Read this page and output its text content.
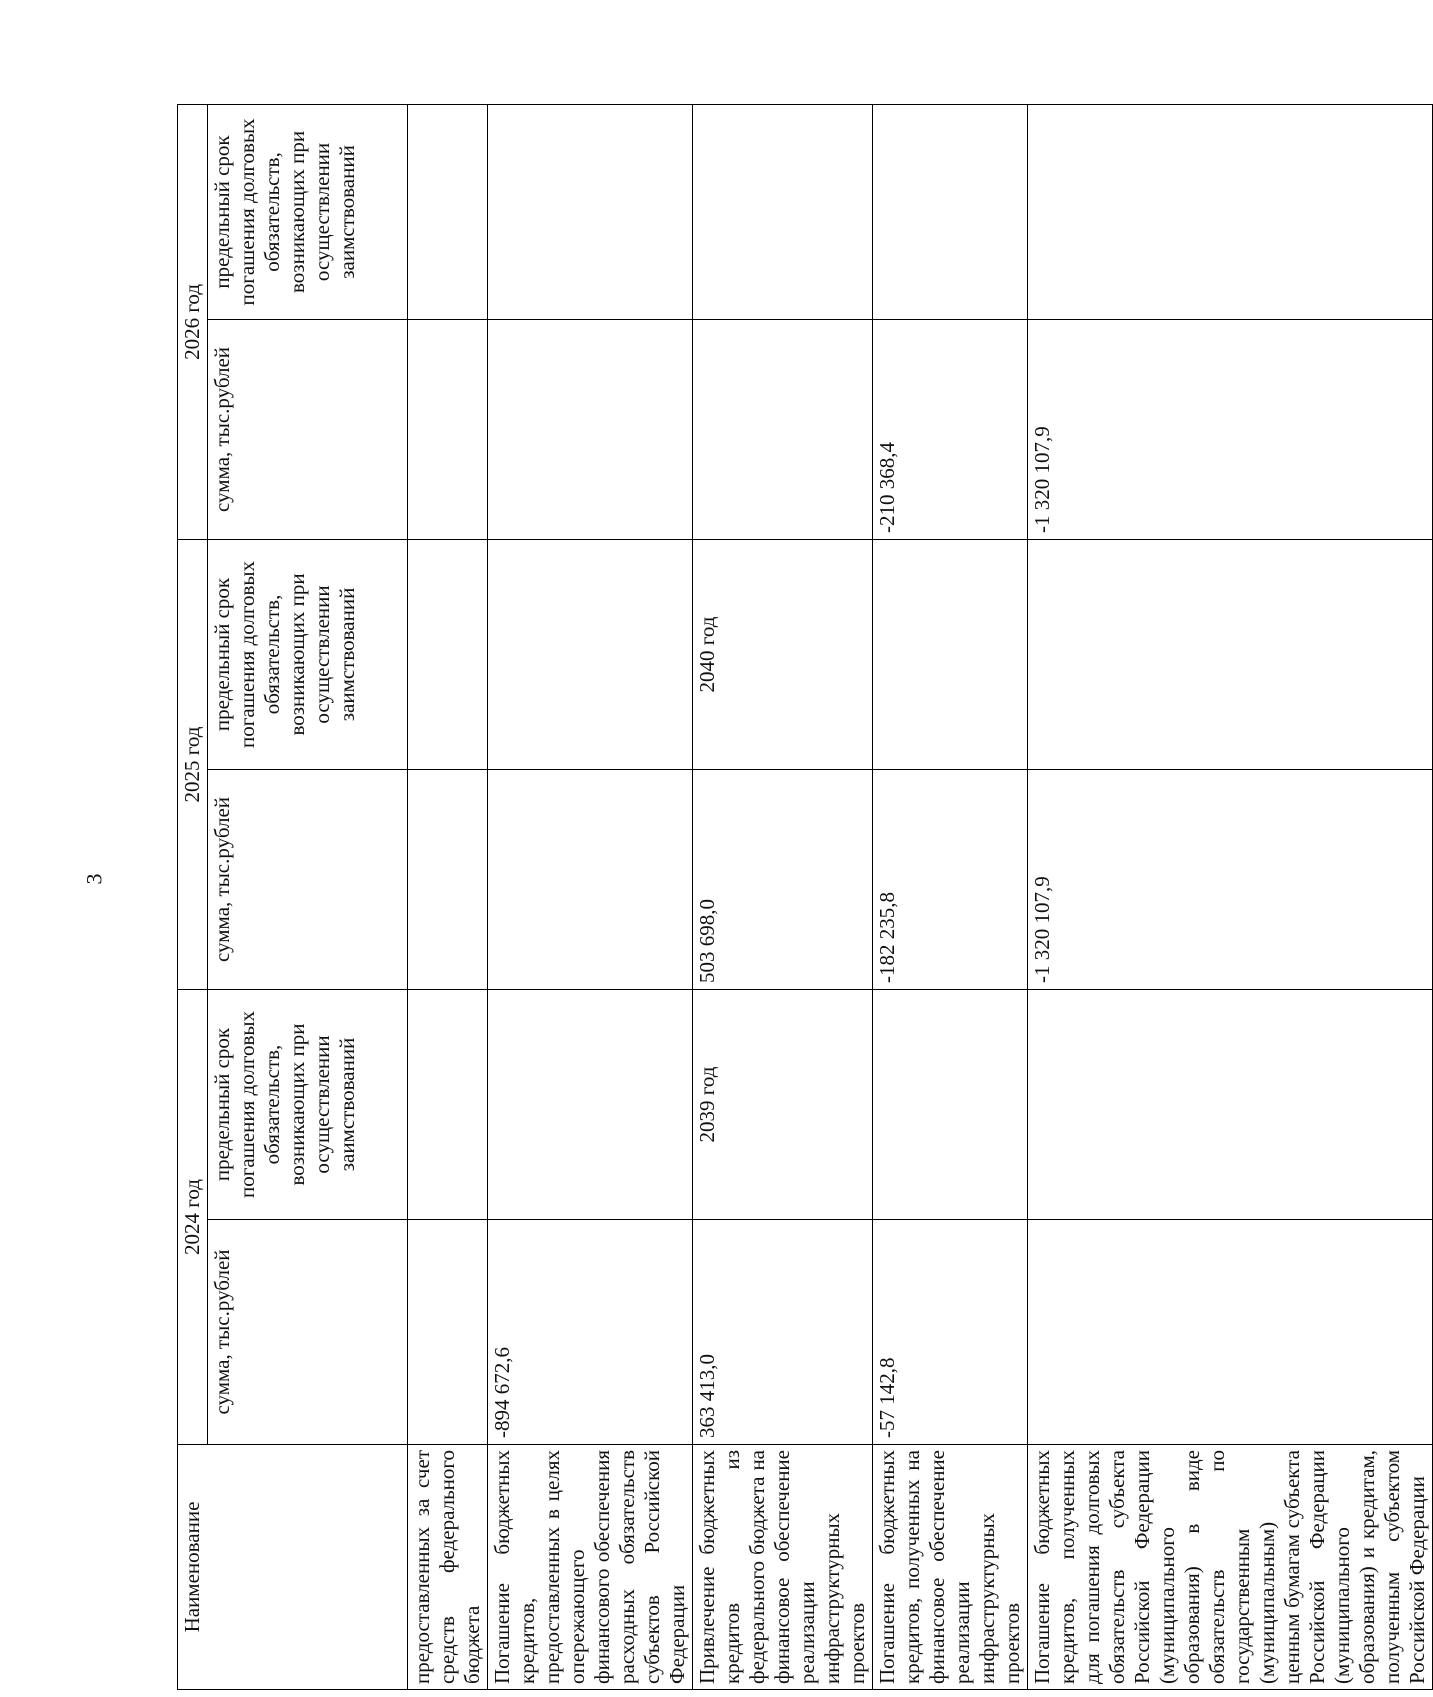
3
Наименование	2024 год		2025 год		2026 год	
	сумма, тыс.рублей	предельный срок погашения долговых обязательств, возникающих при осуществлении заимствований	сумма, тыс.рублей	предельный срок погашения долговых обязательств, возникающих при осуществлении заимствований	сумма, тыс.рублей	предельный срок погашения долговых обязательств, возникающих при осуществлении заимствований
предоставленных за счет средств федерального бюджета						
Погашение бюджетных кредитов, предоставленных в целях опережающего финансового обеспечения расходных обязательств субъектов Российской Федерации	-894 672,6					
Привлечение бюджетных кредитов из федерального бюджета на финансовое обеспечение реализации инфраструктурных проектов	363 413,0	2039 год	503 698,0	2040 год		
Погашение бюджетных кредитов, полученных на финансовое обеспечение реализации инфраструктурных проектов	-57 142,8		-182 235,8		-210 368,4	
Погашение бюджетных кредитов, полученных для погашения долговых обязательств субъекта Российской Федерации (муниципального образования) в виде обязательств по государственным (муниципальным) ценным бумагам субъекта Российской Федерации (муниципального образования) и кредитам, полученным субъектом Российской Федерации			-1 320 107,9		-1 320 107,9	
